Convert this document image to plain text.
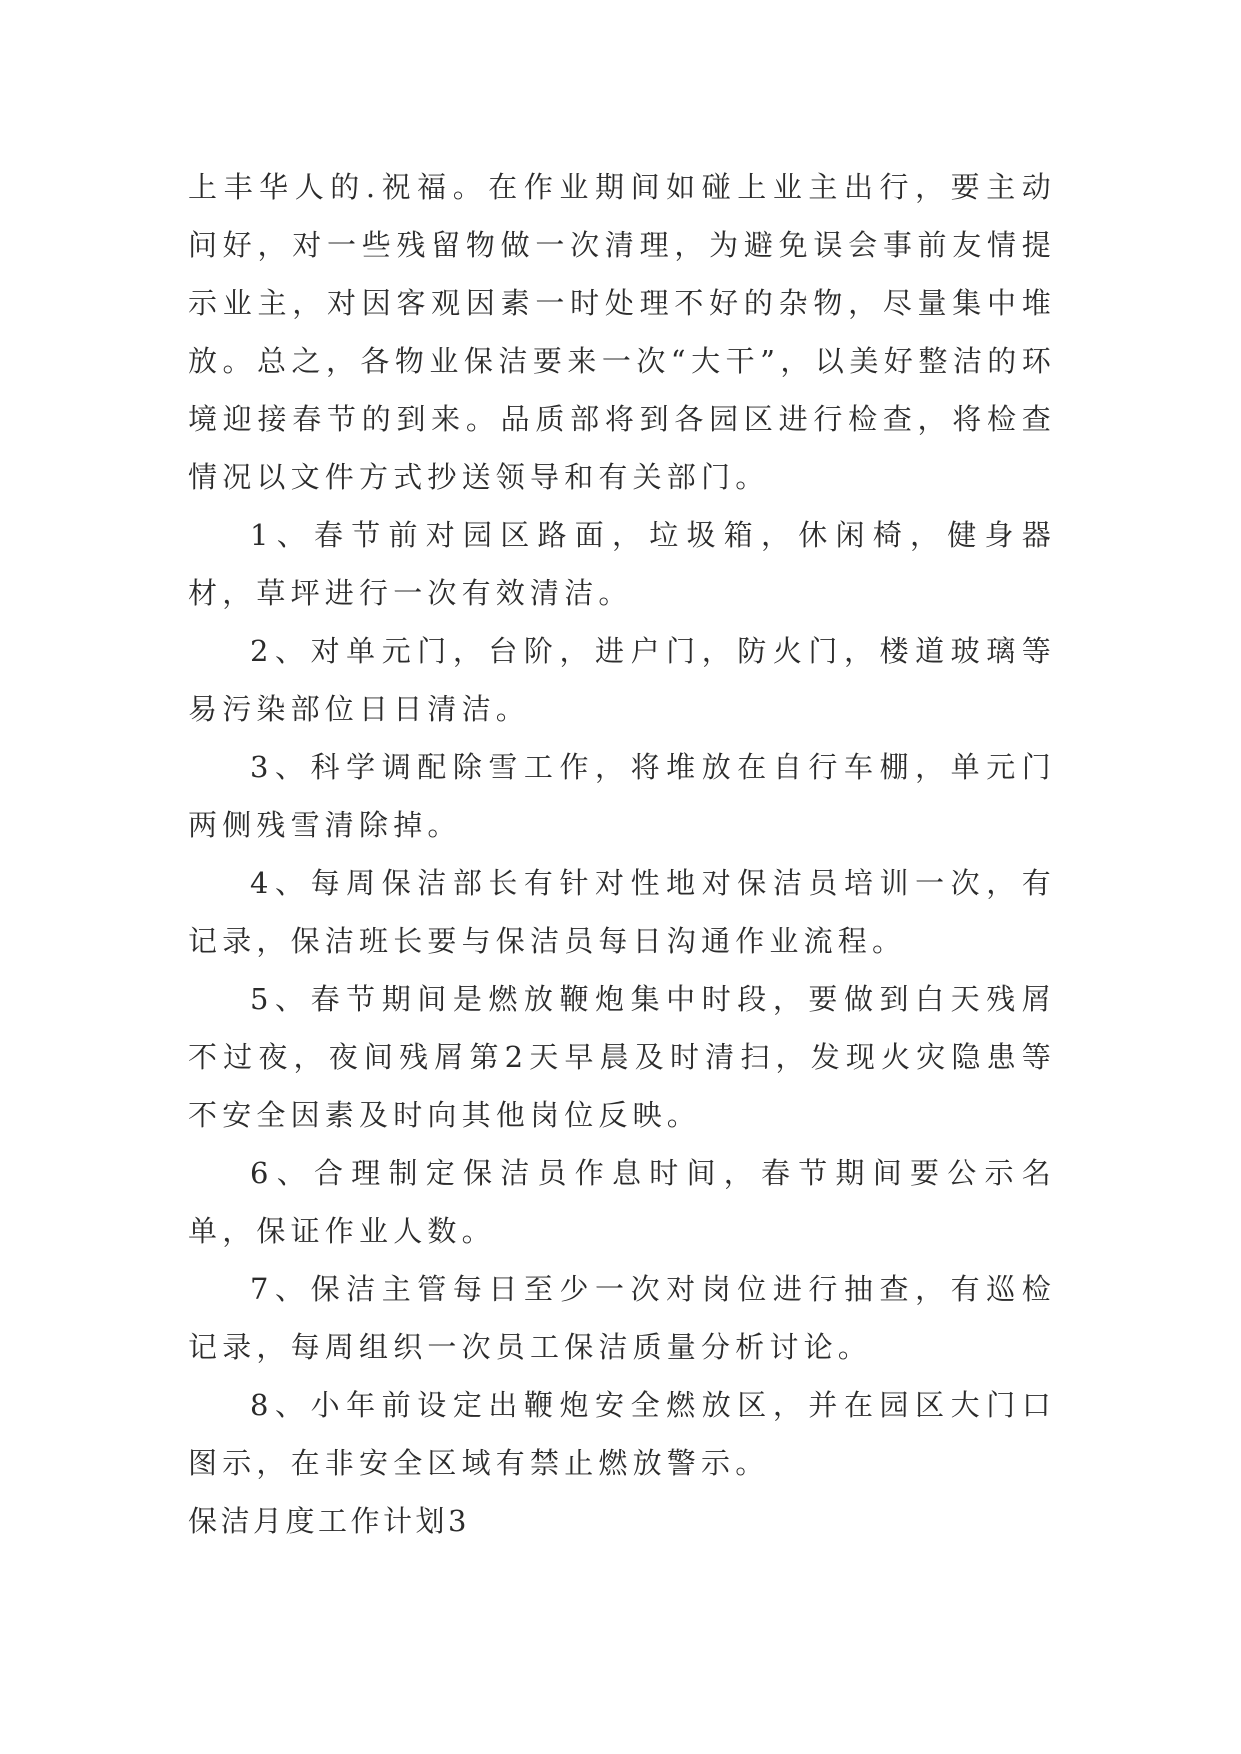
上丰华人的.祝福。在作业期间如碰上业主出行，要主动问好，对一些残留物做一次清理，为避免误会事前友情提示业主，对因客观因素一时处理不好的杂物，尽量集中堆放。总之，各物业保洁要来一次“大干”，以美好整洁的环境迎接春节的到来。品质部将到各园区进行检查，将检查情况以文件方式抄送领导和有关部门。

1、春节前对园区路面，垃圾箱，休闲椅，健身器材，草坪进行一次有效清洁。

2、对单元门，台阶，进户门，防火门，楼道玻璃等易污染部位日日清洁。

3、科学调配除雪工作，将堆放在自行车棚，单元门两侧残雪清除掉。

4、每周保洁部长有针对性地对保洁员培训一次，有记录，保洁班长要与保洁员每日沟通作业流程。

5、春节期间是燃放鞭炮集中时段，要做到白天残屑不过夜，夜间残屑第2天早晨及时清扫，发现火灾隐患等不安全因素及时向其他岗位反映。

6、合理制定保洁员作息时间，春节期间要公示名单，保证作业人数。

7、保洁主管每日至少一次对岗位进行抽查，有巡检记录，每周组织一次员工保洁质量分析讨论。

8、小年前设定出鞭炮安全燃放区，并在园区大门口图示，在非安全区域有禁止燃放警示。

保洁月度工作计划3
